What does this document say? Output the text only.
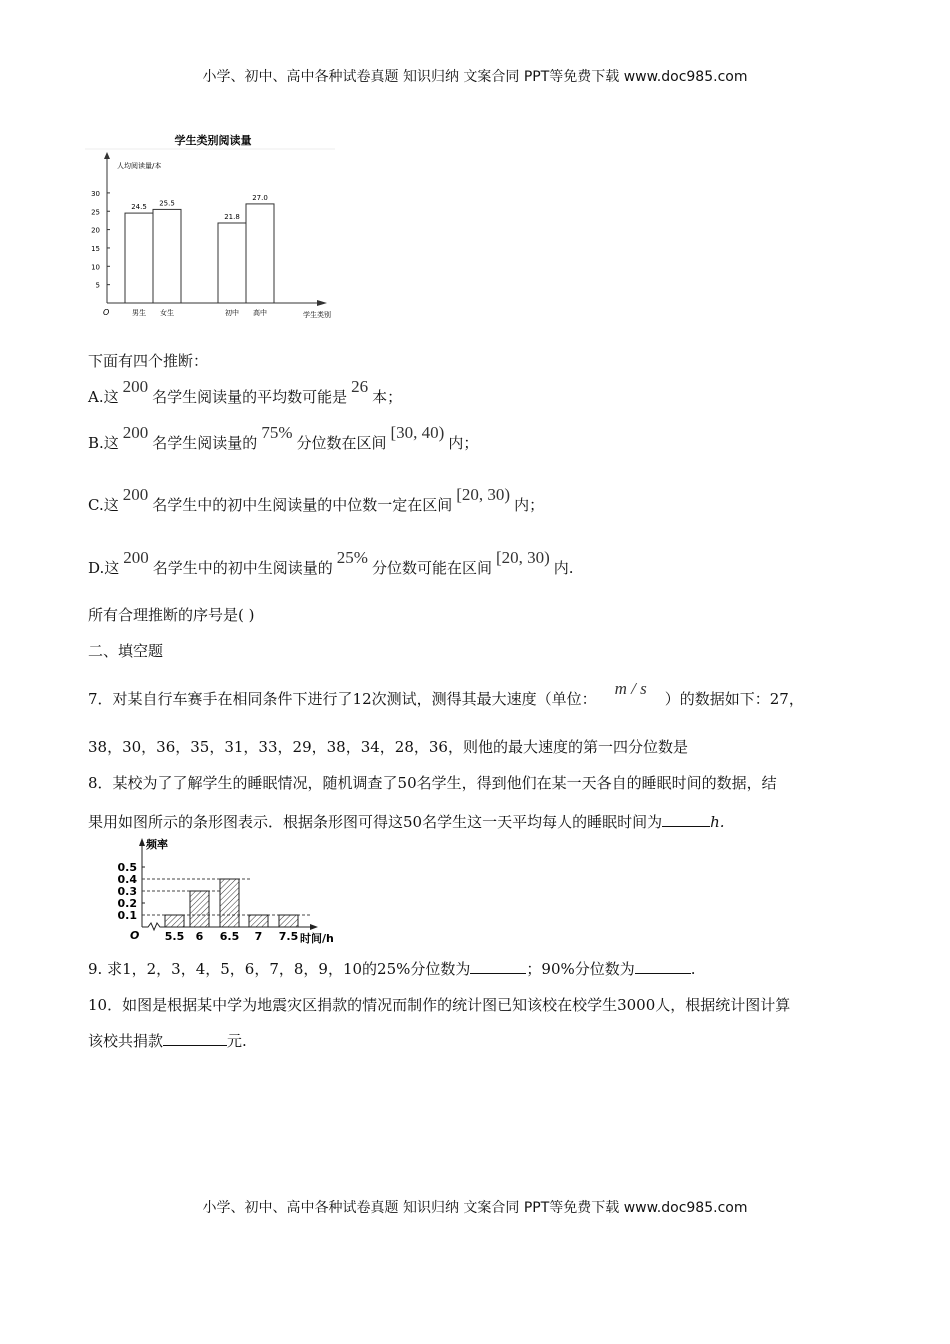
小学、初中、高中各种试卷真题 知识归纳 文案合同 PPT等免费下载 www.doc985.com
学生类别阅读量
人均阅读量/本
学生类别
O
5
10
15
20
25
30
24.5
男生
25.5
女生
21.8
初中
27.0
高中
下面有四个推断：
A.这200名学生阅读量的平均数可能是26本；
B.这200名学生阅读量的75%分位数在区间[30, 40)内；
C.这200名学生中的初中生阅读量的中位数一定在区间[20, 30)内；
D.这200名学生中的初中生阅读量的25%分位数可能在区间[20, 30)内.
所有合理推断的序号是( )
二、填空题
7．对某自行车赛手在相同条件下进行了12次测试，测得其最大速度（单位：m / s）的数据如下：27，
38，30，36，35，31，33，29，38，34，28，36，则他的最大速度的第一四分位数是
8．某校为了了解学生的睡眠情况，随机调查了50名学生，得到他们在某一天各自的睡眠时间的数据，结
果用如图所示的条形图表示．根据条形图可得这50名学生这一天平均每人的睡眠时间为	h.
频率
时间/h
O
0.1
0.2
0.3
0.4
0.5
5.5 6 6.5 7 7.5
9. 求1，2，3，4，5，6，7，8，9，10的25%分位数为	；90%分位数为	.
10．如图是根据某中学为地震灾区捐款的情况而制作的统计图已知该校在校学生3000人，根据统计图计算
该校共捐款	元.
小学、初中、高中各种试卷真题 知识归纳 文案合同 PPT等免费下载 www.doc985.com
